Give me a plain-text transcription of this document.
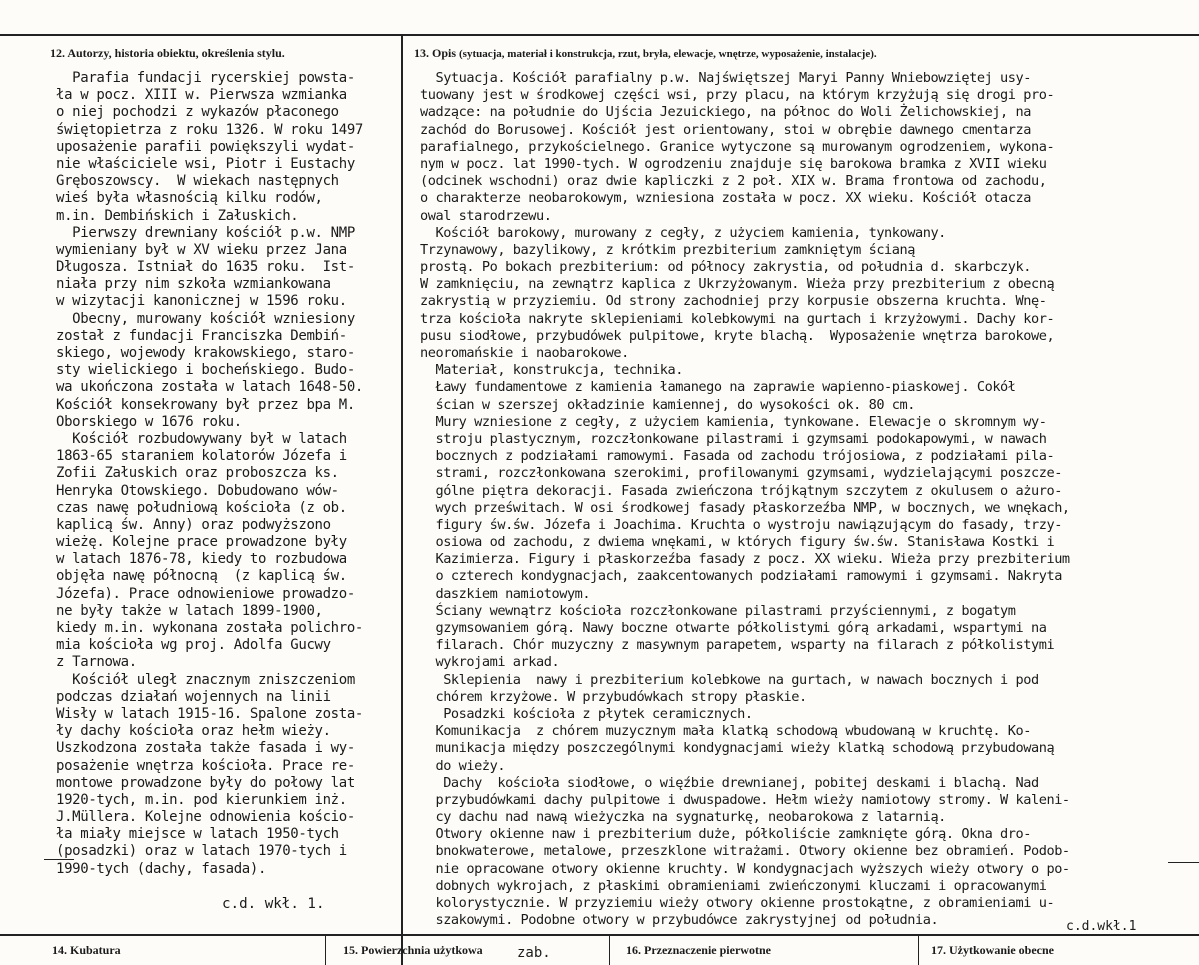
12. Autorzy, historia obiektu, określenia stylu.	13. Opis (sytuacja, materiał i konstrukcja, rzut, bryła, elewacje, wnętrze, wyposażenie, instalacje).
Parafia fundacji rycerskiej powsta-
ła w pocz. XIII w. Pierwsza wzmianka
o niej pochodzi z wykazów płaconego
świętopietrza z roku 1326. W roku 1497
uposażenie parafii powiększyli wydat-
nie właściciele wsi, Piotr i Eustachy
Gręboszowscy.  W wiekach następnych
wieś była własnością kilku rodów,
m.in. Dembińskich i Załuskich.
Pierwszy drewniany kościół p.w. NMP
wymieniany był w XV wieku przez Jana
Długosza. Istniał do 1635 roku.  Ist-
niała przy nim szkoła wzmiankowana
w wizytacji kanonicznej w 1596 roku.
Obecny, murowany kościół wzniesiony
został z fundacji Franciszka Dembiń-
skiego, wojewody krakowskiego, staro-
sty wielickiego i bocheńskiego. Budo-
wa ukończona została w latach 1648-50.
Kościół konsekrowany był przez bpa M.
Oborskiego w 1676 roku.
Kościół rozbudowywany był w latach
1863-65 staraniem kolatorów Józefa i
Zofii Załuskich oraz proboszcza ks.
Henryka Otowskiego. Dobudowano wów-
czas nawę południową kościoła (z ob.
kaplicą św. Anny) oraz podwyższono
wieżę. Kolejne prace prowadzone były
w latach 1876-78, kiedy to rozbudowa
objęła nawę północną  (z kaplicą św.
Józefa). Prace odnowieniowe prowadzo-
ne były także w latach 1899-1900,
kiedy m.in. wykonana została polichro-
mia kościoła wg proj. Adolfa Gucwy
z Tarnowa.
Kościół uległ znacznym zniszczeniom
podczas działań wojennych na linii
Wisły w latach 1915-16. Spalone zosta-
ły dachy kościoła oraz hełm wieży.
Uszkodzona została także fasada i wy-
posażenie wnętrza kościoła. Prace re-
montowe prowadzone były do połowy lat
1920-tych, m.in. pod kierunkiem inż.
J.Müllera. Kolejne odnowienia kościo-
ła miały miejsce w latach 1950-tych
(posadzki) oraz w latach 1970-tych i
1990-tych (dachy, fasada).
c.d. wkł. 1.
Sytuacja. Kościół parafialny p.w. Najświętszej Maryi Panny Wniebowziętej usy-
tuowany jest w środkowej części wsi, przy placu, na którym krzyżują się drogi pro-
wadzące: na południe do Ujścia Jezuickiego, na północ do Woli Żelichowskiej, na
zachód do Borusowej. Kościół jest orientowany, stoi w obrębie dawnego cmentarza
parafialnego, przykościelnego. Granice wytyczone są murowanym ogrodzeniem, wykona-
nym w pocz. lat 1990-tych. W ogrodzeniu znajduje się barokowa bramka z XVII wieku
(odcinek wschodni) oraz dwie kapliczki z 2 poł. XIX w. Brama frontowa od zachodu,
o charakterze neobarokowym, wzniesiona została w pocz. XX wieku. Kościół otacza
owal starodrzewu.
Kościół barokowy, murowany z cegły, z użyciem kamienia, tynkowany.
Trzynawowy, bazylikowy, z krótkim prezbiterium zamkniętym ścianą
prostą. Po bokach prezbiterium: od północy zakrystia, od południa d. skarbczyk.
W zamknięciu, na zewnątrz kaplica z Ukrzyżowanym. Wieża przy prezbiterium z obecną
zakrystią w przyziemiu. Od strony zachodniej przy korpusie obszerna kruchta. Wnę-
trza kościoła nakryte sklepieniami kolebkowymi na gurtach i krzyżowymi. Dachy kor-
pusu siodłowe, przybudówek pulpitowe, kryte blachą.  Wyposażenie wnętrza barokowe,
neoromańskie i naobarokowe.
Materiał, konstrukcja, technika.
Ławy fundamentowe z kamienia łamanego na zaprawie wapienno-piaskowej. Cokół
ścian w szerszej okładzinie kamiennej, do wysokości ok. 80 cm.
Mury wzniesione z cegły, z użyciem kamienia, tynkowane. Elewacje o skromnym wy-
stroju plastycznym, rozczłonkowane pilastrami i gzymsami podokapowymi, w nawach
bocznych z podziałami ramowymi. Fasada od zachodu trójosiowa, z podziałami pila-
strami, rozczłonkowana szerokimi, profilowanymi gzymsami, wydzielającymi poszcze-
gólne piętra dekoracji. Fasada zwieńczona trójkątnym szczytem z okulusem o ażuro-
wych prześwitach. W osi środkowej fasady płaskorzeźba NMP, w bocznych, we wnękach,
figury św.św. Józefa i Joachima. Kruchta o wystroju nawiązującym do fasady, trzy-
osiowa od zachodu, z dwiema wnękami, w których figury św.św. Stanisława Kostki i
Kazimierza. Figury i płaskorzeźba fasady z pocz. XX wieku. Wieża przy prezbiterium
o czterech kondygnacjach, zaakcentowanych podziałami ramowymi i gzymsami. Nakryta
daszkiem namiotowym.
Ściany wewnątrz kościoła rozczłonkowane pilastrami przyściennymi, z bogatym
gzymsowaniem górą. Nawy boczne otwarte półkolistymi górą arkadami, wspartymi na
filarach. Chór muzyczny z masywnym parapetem, wsparty na filarach z półkolistymi
wykrojami arkad.
Sklepienia  nawy i prezbiterium kolebkowe na gurtach, w nawach bocznych i pod
chórem krzyżowe. W przybudówkach stropy płaskie.
Posadzki kościoła z płytek ceramicznych.
Komunikacja  z chórem muzycznym mała klatką schodową wbudowaną w kruchtę. Ko-
munikacja między poszczególnymi kondygnacjami wieży klatką schodową przybudowaną
do wieży.
Dachy  kościoła siodłowe, o więźbie drewnianej, pobitej deskami i blachą. Nad
przybudówkami dachy pulpitowe i dwuspadowe. Hełm wieży namiotowy stromy. W kaleni-
cy dachu nad nawą wieżyczka na sygnaturkę, neobarokowa z latarnią.
Otwory okienne naw i prezbiterium duże, półkoliście zamknięte górą. Okna dro-
bnokwaterowe, metalowe, przeszklone witrażami. Otwory okienne bez obramień. Podob-
nie opracowane otwory okienne kruchty. W kondygnacjach wyższych wieży otwory o po-
dobnych wykrojach, z płaskimi obramieniami zwieńczonymi kluczami i opracowanymi
kolorystycznie. W przyziemiu wieży otwory okienne prostokątne, z obramieniami u-
szakowymi. Podobne otwory w przybudówce zakrystyjnej od południa.	c.d.wkł.1
zab.
14. Kubatura	15. Powierzchnia użytkowa	16. Przeznaczenie pierwotne	17. Użytkowanie obecne
